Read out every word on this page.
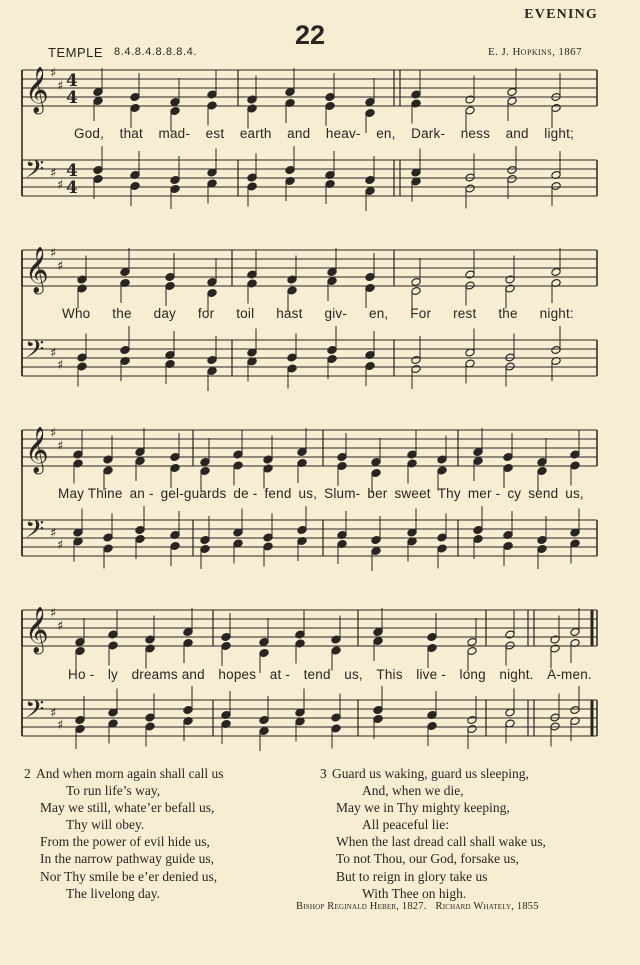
EVENING
22
TEMPLE 8.4.8.4.8.8.8.4.	E. J. Hopkins, 1867
𝄞 ♯
♯ 4
4
𝄢 ♯
♯
4
4
𝄞 ♯
♯
𝄢 ♯
♯
𝄞 ♯
♯
𝄢 ♯
♯
𝄞 ♯
♯
𝄢 ♯
♯
God, that mad- est earth and heav- en, Dark- ness and light;
Who the day for toil hast giv- en, For rest the night:
May Thine an - gel-guards de - fend us, Slum- ber sweet Thy mer - cy send us,
Ho - ly dreams and hopes at - tend us, This live - long night. A-men.
2 And when morn again shall call us
To run life’s way,
May we still, whate’er befall us,
Thy will obey.
From the power of evil hide us,
In the narrow pathway guide us,
Nor Thy smile be e’er denied us,
The livelong day.
3 Guard us waking, guard us sleeping,
And, when we die,
May we in Thy mighty keeping,
All peaceful lie:
When the last dread call shall wake us,
To not Thou, our God, forsake us,
But to reign in glory take us
With Thee on high.
Bishop Reginald Heber, 1827. Richard Whately, 1855
